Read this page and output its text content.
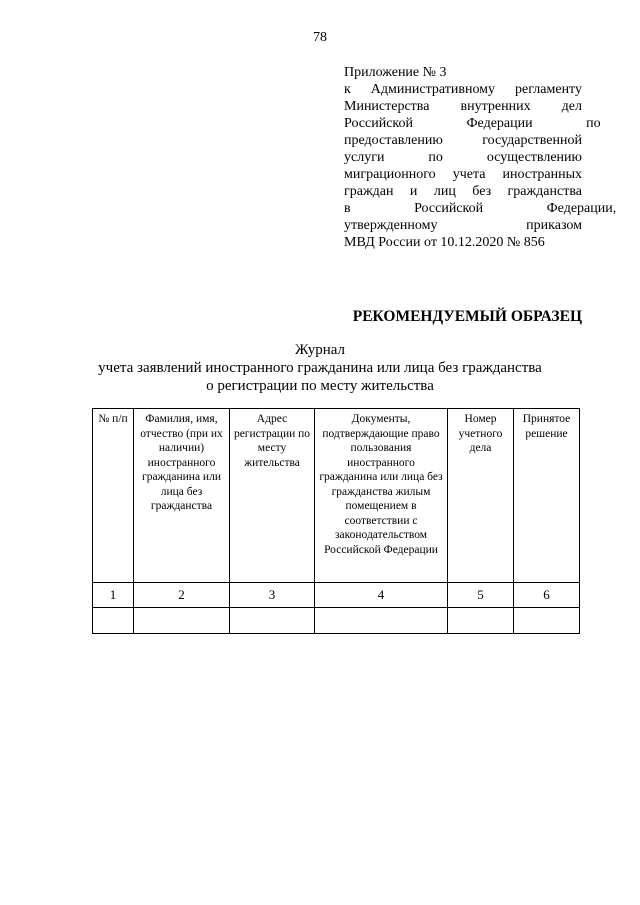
78
Приложение № 3
к Административному регламенту
Министерства внутренних дел
Российской Федерации по
предоставлению государственной
услуги по осуществлению
миграционного учета иностранных
граждан и лиц без гражданства
в Российской Федерации,
утвержденному приказом
МВД России от 10.12.2020 № 856
РЕКОМЕНДУЕМЫЙ ОБРАЗЕЦ
Журнал
учета заявлений иностранного гражданина или лица без гражданства
о регистрации по месту жительства
№ п/п	Фамилия, имя, отчество (при их наличии) иностранного гражданина или лица без гражданства	Адрес регистрации по месту жительства	Документы, подтверждающие право пользования иностранного гражданина или лица без гражданства жилым помещением в соответствии с законодательством Российской Федерации	Номер учетного дела	Принятое решение
1	2	3	4	5	6
